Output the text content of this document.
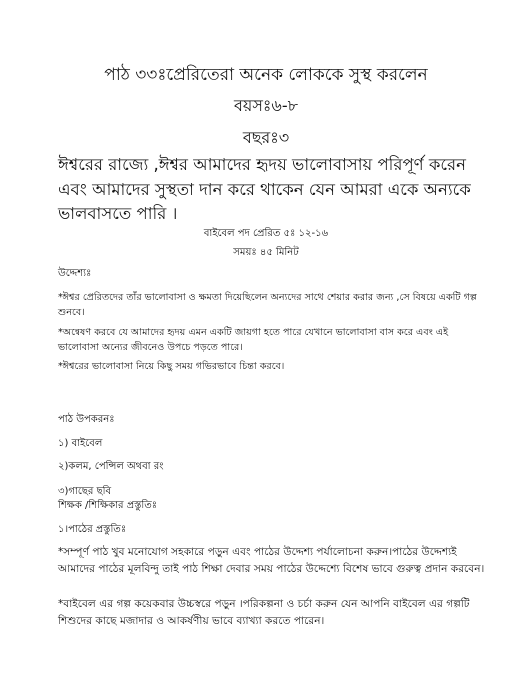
পাঠ ৩৩ঃপ্রেরিতেরা অনেক লোককে সুস্থ করলেন
বয়সঃ৬-৮
বছরঃ৩
ঈশ্বরের রাজ্যে ,ঈশ্বর আমাদের হৃদয় ভালোবাসায় পরিপূর্ণ করেন এবং আমাদের সুস্থতা দান করে থাকেন যেন আমরা একে অন্যকে ভালবাসতে পারি ।
বাইবেল পদ প্রেরিত ৫ঃ ১২-১৬
সময়ঃ ৪৫ মিনিট
উদ্দেশ্যঃ
*ঈশ্বর প্রেরিতদের তাঁর ভালোবাসা ও ক্ষমতা দিয়েছিলেন অন্যদের সাথে শেয়ার করার জন্য ,সে বিষয়ে একটি গল্প শুনবে।
*অন্বেষণ করবে যে আমাদের হৃদয় এমন একটি জায়গা হতে পারে যেখানে ভালোবাসা বাস করে এবং এই ভালোবাসা অন্যের জীবনেও উপচে পড়তে পারে।
*ঈশ্বরের ভালোবাসা নিয়ে কিছু সময় গভিরভাবে চিন্তা করবে।
পাঠ উপকরনঃ
১) বাইবেল
২)কলম, পেন্সিল অথবা রং
৩)গাছের ছবি
শিক্ষক /শিক্ষিকার প্রস্তুতিঃ
১।পাঠের প্রস্তুতিঃ
*সম্পূর্ণ পাঠ খুব মনোযোগ সহকারে পড়ুন এবং পাঠের উদ্দেশ্য পর্যালোচনা করুন।পাঠের উদ্দেশ্যই আমাদের পাঠের মূলবিন্দু তাই পাঠ শিক্ষা দেবার সময় পাঠের উদ্দেশ্যে বিশেষ ভাবে গুরুত্ব প্রদান করবেন।
*বাইবেল এর গল্প কয়েকবার উচ্চস্বরে পড়ুন ।পরিকল্পনা ও চর্চা করুন যেন আপনি বাইবেল এর গল্পটি শিশুদের কাছে মজাদার ও আকর্ষণীয় ভাবে ব্যাখ্যা করতে পারেন।
